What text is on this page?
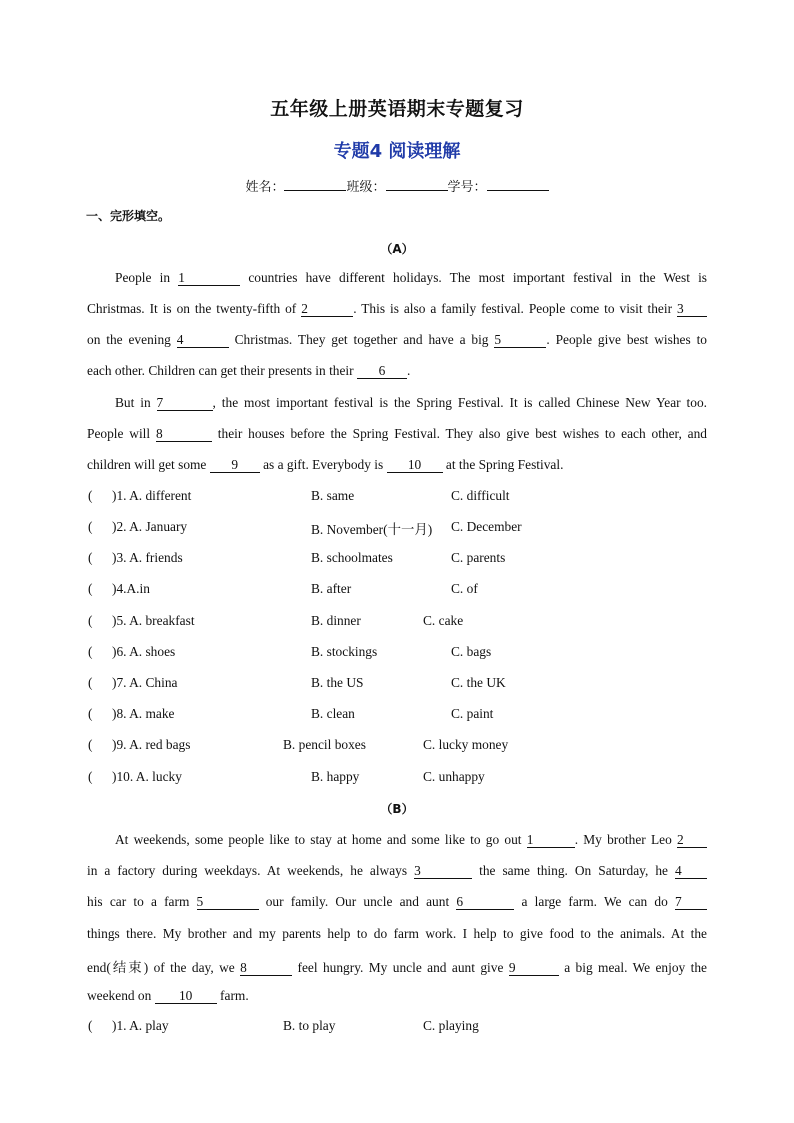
五年级上册英语期末专题复习
专题4 阅读理解
姓名：	班级：	学号：
一、完形填空。
（A）
People in 1	countries have different holidays. The most important festival in the West is
Christmas. It is on the twenty-fifth of 2	. This is also a family festival. People come to visit their 3
on the evening 4	Christmas. They get together and have a big 5	. People give best wishes to
each other. Children can get their presents in their 6 .
But in 7	, the most important festival is the Spring Festival. It is called Chinese New Year too.
People will 8	their houses before the Spring Festival. They also give best wishes to each other, and
children will get some 9 as a gift. Everybody is 10 at the Spring Festival.
( )1. A. different	B. same	C. difficult
( )2. A. January	B. November(十一月) C. December
( )3. A. friends	B. schoolmates	C. parents
( )4.A.in	B. after	C. of
( )5. A. breakfast	B. dinner	C. cake
( )6. A. shoes	B. stockings	C. bags
( )7. A. China	B. the US	C. the UK
( )8. A. make	B. clean	C. paint
( )9. A. red bags	B. pencil boxes	C. lucky money
( )10. A. lucky	B. happy	C. unhappy
（B）
At weekends, some people like to stay at home and some like to go out 1	. My brother Leo 2
in a factory during weekdays. At weekends, he always 3	the same thing. On Saturday, he 4
his car to a farm 5	our family. Our uncle and aunt 6	a large farm. We can do 7
things there. My brother and my parents help to do farm work. I help to give food to the animals. At the
end(结束) of the day, we 8	feel hungry. My uncle and aunt give 9	a big meal. We enjoy the
weekend on 10 farm.
( )1. A. play	B. to play	C. playing
